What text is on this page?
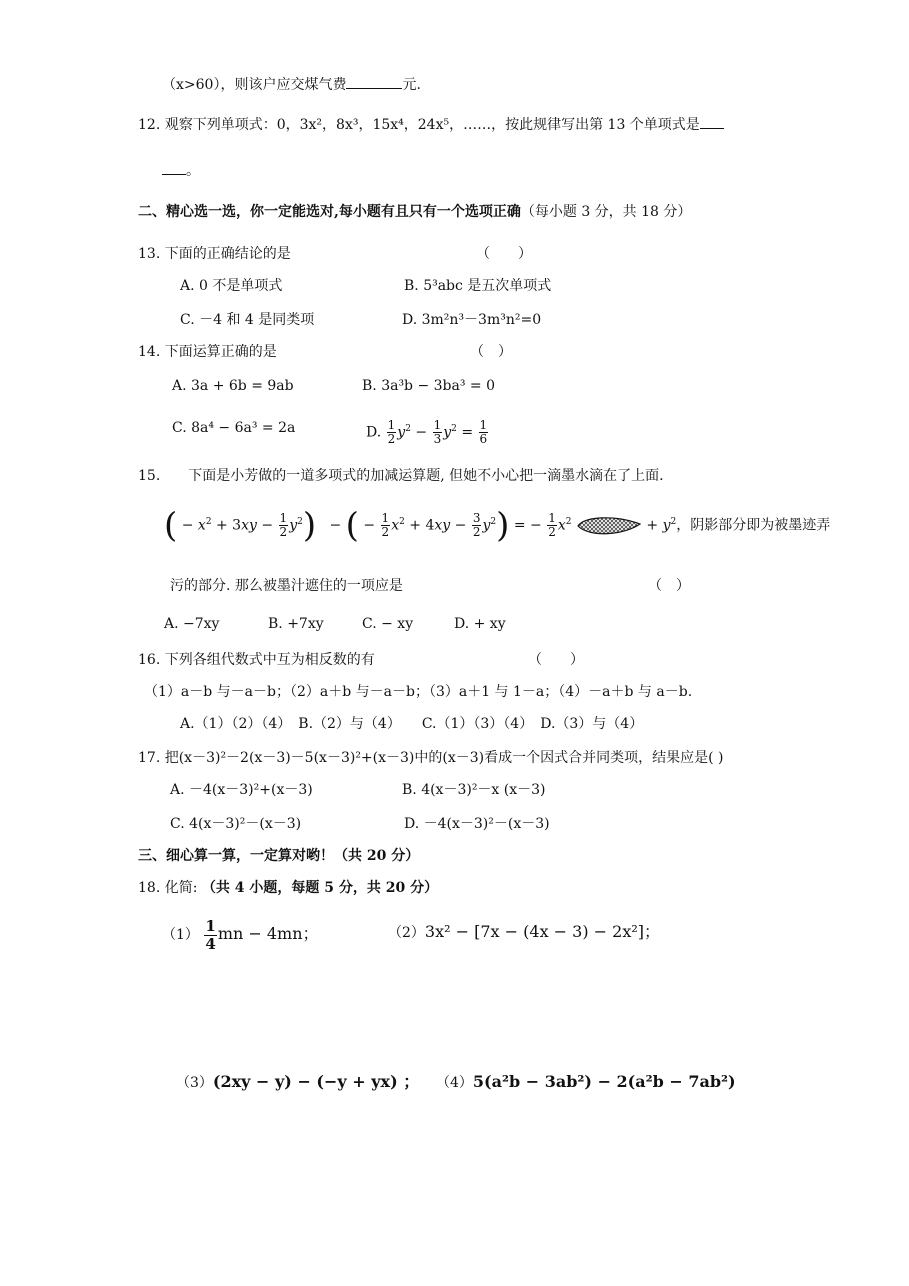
（x>60），则该户应交煤气费	元.
12. 观察下列单项式：0，3x²，8x³，15x⁴，24x⁵，……，按此规律写出第 13 个单项式是
。
二、精心选一选，你一定能选对,每小题有且只有一个选项正确（每小题 3 分，共 18 分）
13. 下面的正确结论的是	（　　）
A. 0 不是单项式	B. 5³abc 是五次单项式
C. －4 和 4 是同类项	D. 3m²n³－3m³n²=0
14. 下面运算正确的是	（　）
A. 3a + 6b = 9ab	B. 3a³b − 3ba³ = 0
C. 8a⁴ − 6a³ = 2a	D. $\frac{1}{2} y^2 - \frac{1}{3} y^2 = \frac{1}{6}$
15.　　下面是小芳做的一道多项式的加减运算题, 但她不小心把一滴墨水滴在了上面.
( − $x^2 + 3xy - \frac{1}{2} y^2$)   − ( − $\frac{1}{2} x^2 + 4xy - \frac{3}{2} y^2$) = − $\frac{1}{2} x^2$	+ $y^2$，阴影部分即为被墨迹弄
污的部分. 那么被墨汁遮住的一项应是	（　）
A. −7xy	B. +7xy	C. − xy	D. + xy
16. 下列各组代数式中互为相反数的有	（　　）
（1）a－b 与－a－b；（2）a＋b 与－a－b；（3）a＋1 与 1－a；（4）－a＋b 与 a－b.
A.（1）（2）（4）　B.（2）与（4）　　C.（1）（3）（4）　D.（3）与（4）
17. 把(x－3)²－2(x－3)－5(x－3)²+(x－3)中的(x－3)看成一个因式合并同类项，结果应是( )
A. －4(x－3)²+(x－3)	B. 4(x－3)²－x (x－3)
C. 4(x－3)²－(x－3)	D. －4(x－3)²－(x－3)
三、细心算一算，一定算对哟！（共 20 分）
18. 化简: （共 4 小题，每题 5 分，共 20 分）
$(1) \frac{1}{4}$ mn − 4mn；	（2）3x² − [7x − (4x − 3) − 2x²]；
（3）(2xy − y) − (−y + yx) ； （4）5(a²b − 3ab²) − 2(a²b − 7ab²)
